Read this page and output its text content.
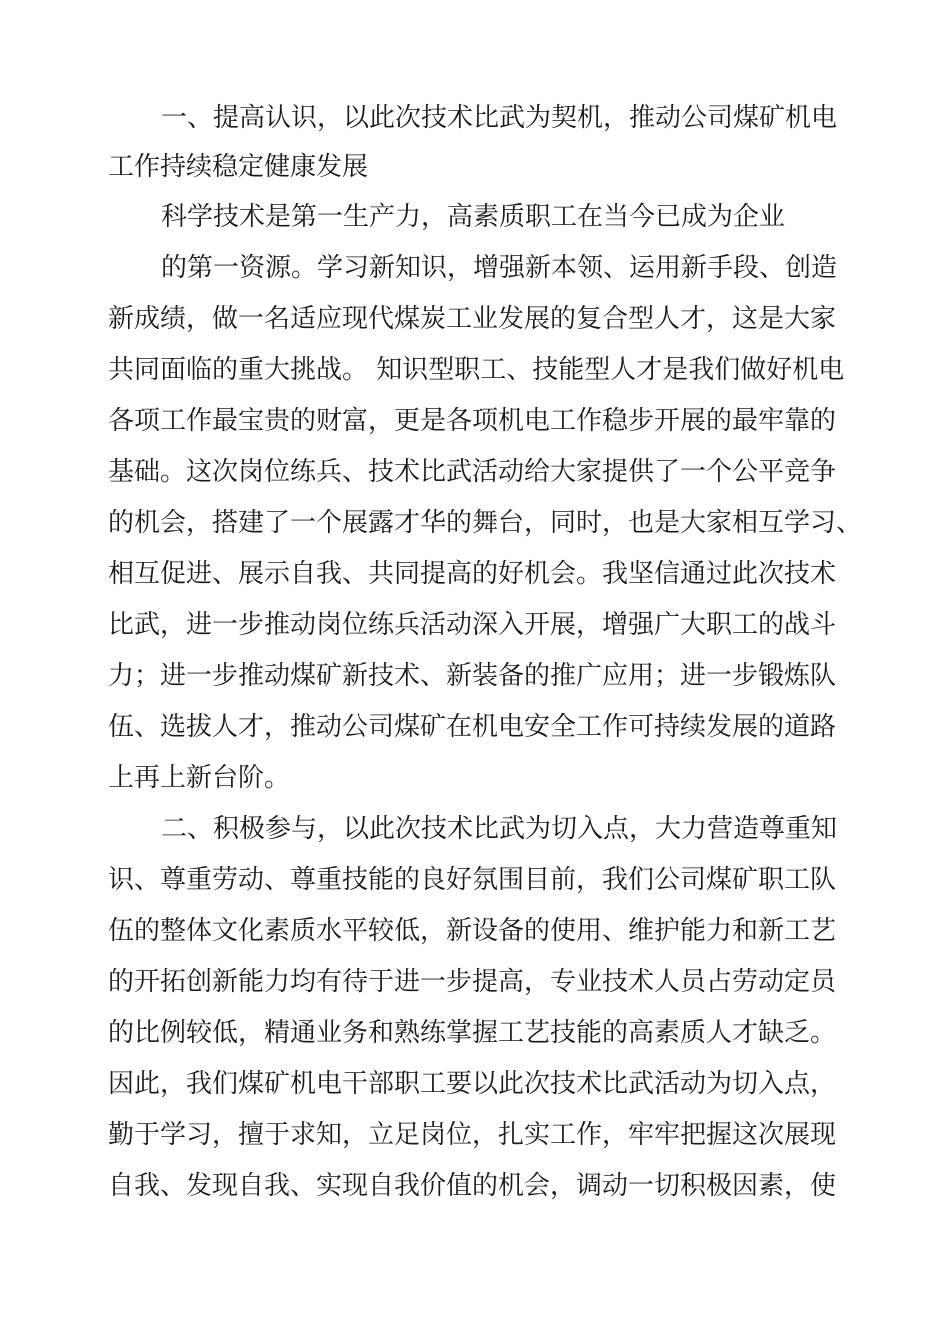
一、提高认识，以此次技术比武为契机，推动公司煤矿机电
工作持续稳定健康发展
科学技术是第一生产力，高素质职工在当今已成为企业
的第一资源。学习新知识，增强新本领、运用新手段、创造
新成绩，做一名适应现代煤炭工业发展的复合型人才，这是大家
共同面临的重大挑战。 知识型职工、技能型人才是我们做好机电
各项工作最宝贵的财富，更是各项机电工作稳步开展的最牢靠的
基础。这次岗位练兵、技术比武活动给大家提供了一个公平竞争
的机会，搭建了一个展露才华的舞台，同时，也是大家相互学习、
相互促进、展示自我、共同提高的好机会。我坚信通过此次技术
比武，进一步推动岗位练兵活动深入开展，增强广大职工的战斗
力；进一步推动煤矿新技术、新装备的推广应用；进一步锻炼队
伍、选拔人才，推动公司煤矿在机电安全工作可持续发展的道路
上再上新台阶。
二、积极参与，以此次技术比武为切入点，大力营造尊重知
识、尊重劳动、尊重技能的良好氛围目前，我们公司煤矿职工队
伍的整体文化素质水平较低，新设备的使用、维护能力和新工艺
的开拓创新能力均有待于进一步提高，专业技术人员占劳动定员
的比例较低，精通业务和熟练掌握工艺技能的高素质人才缺乏。
因此，我们煤矿机电干部职工要以此次技术比武活动为切入点，
勤于学习，擅于求知，立足岗位，扎实工作，牢牢把握这次展现
自我、发现自我、实现自我价值的机会，调动一切积极因素，使
